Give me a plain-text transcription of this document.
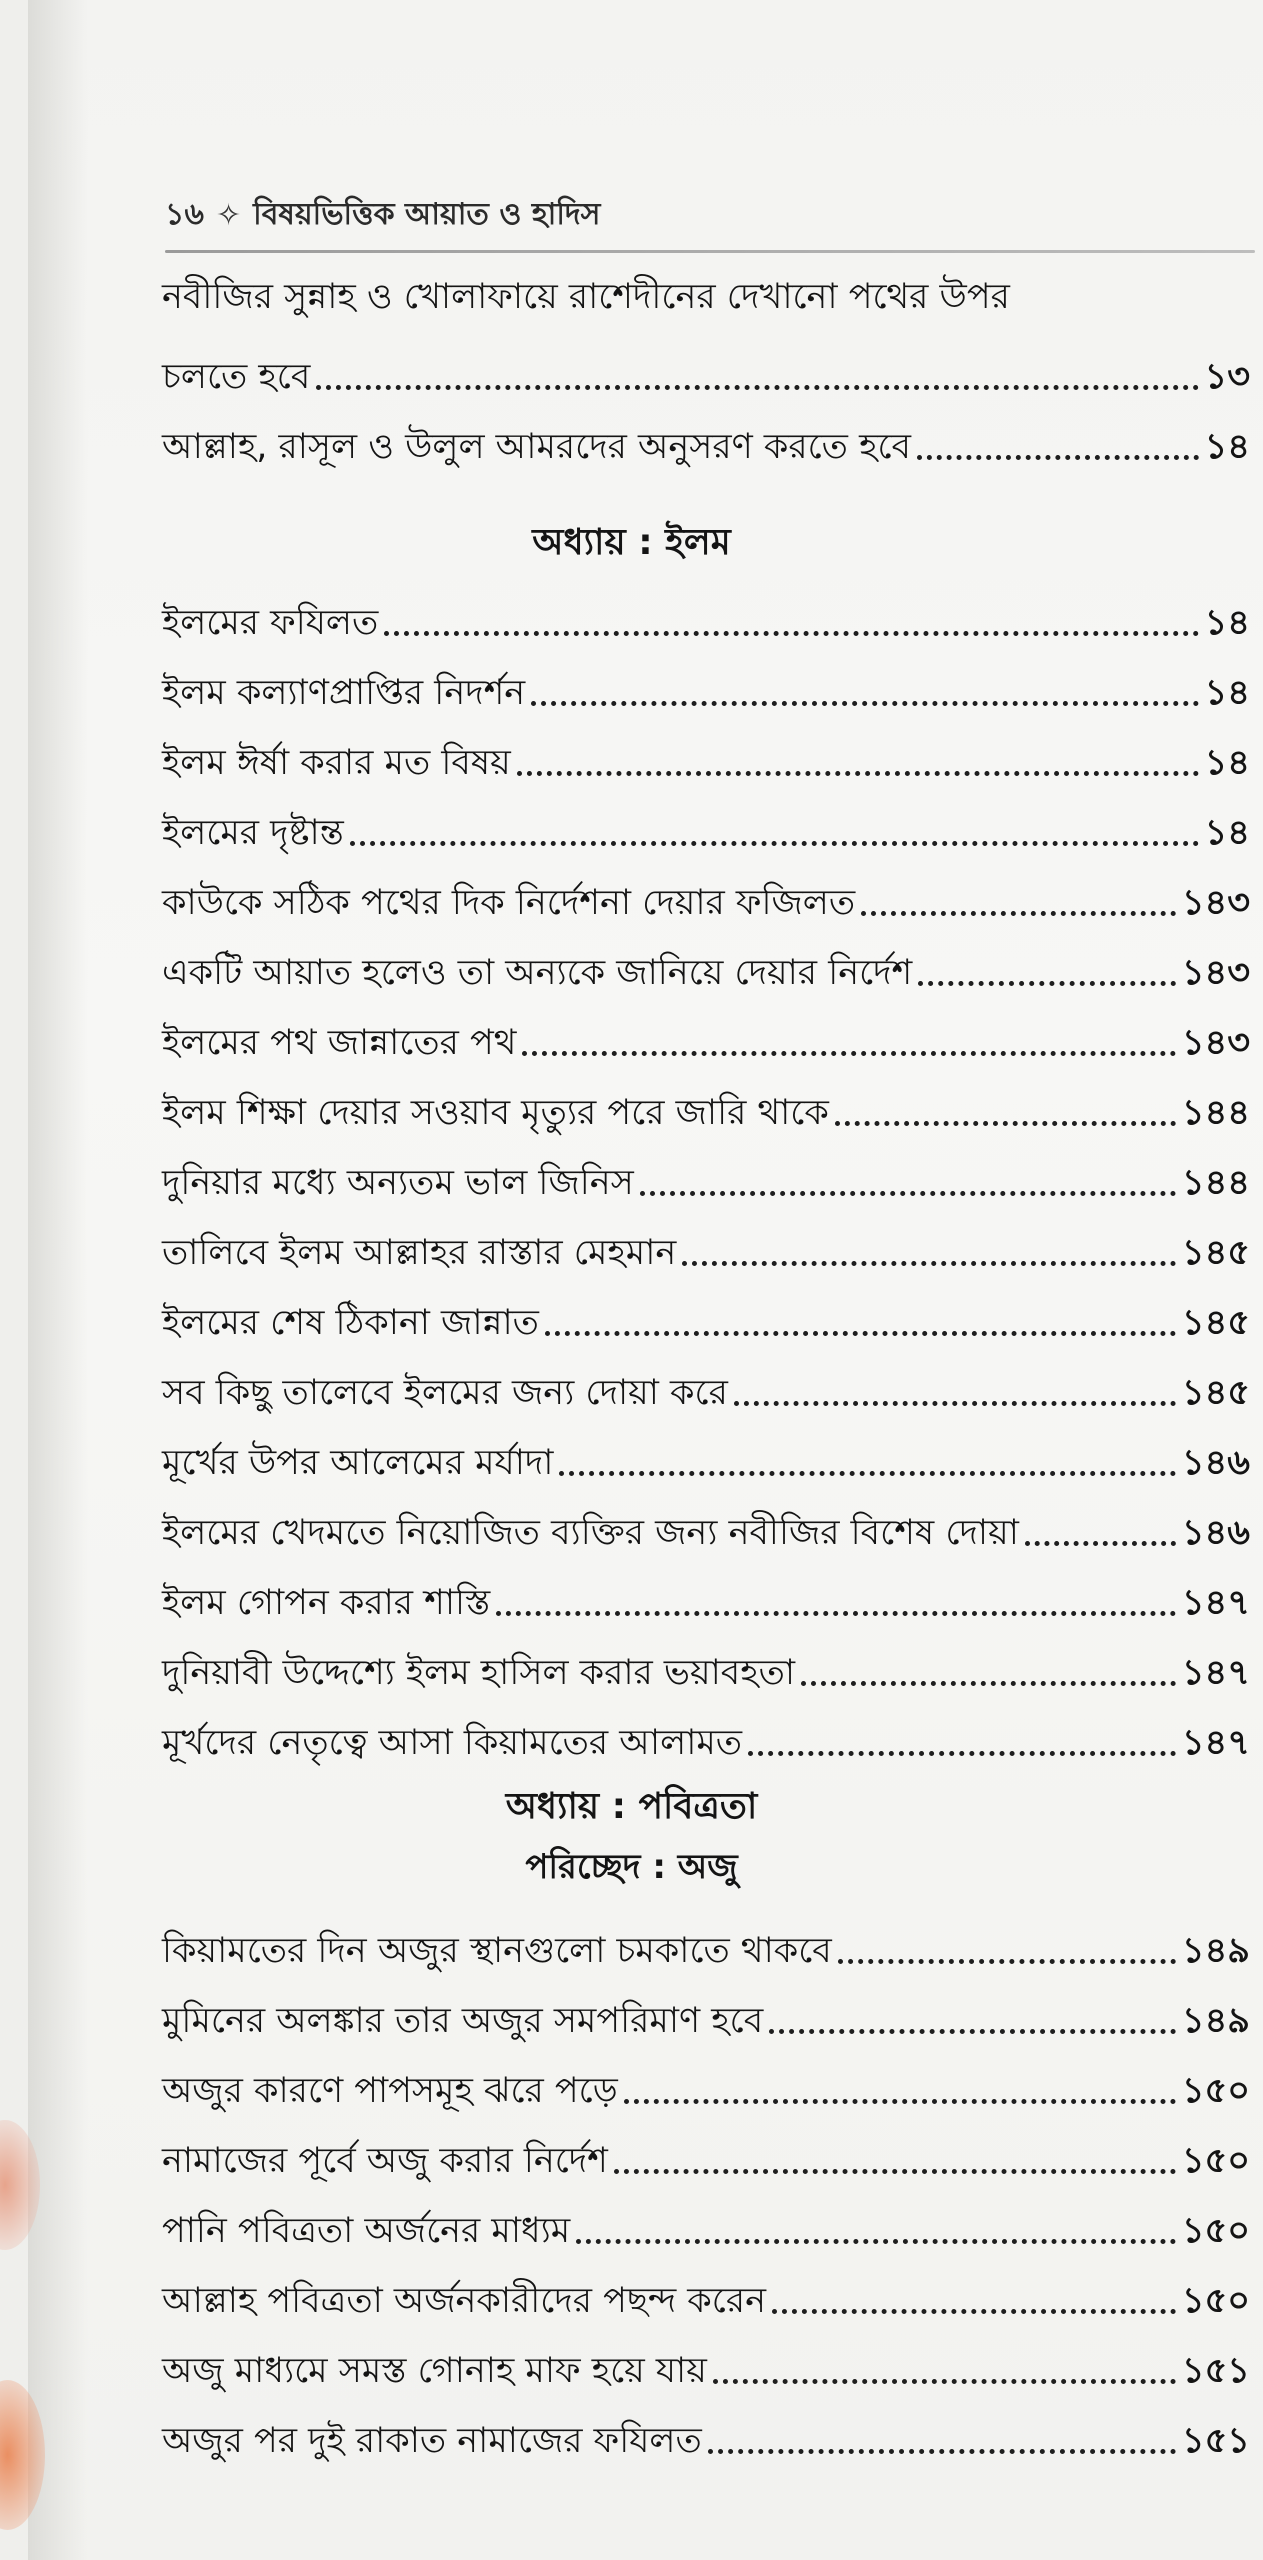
১৬ ✧ বিষয়ভিত্তিক আয়াত ও হাদিস
নবীজির সুন্নাহ ও খোলাফায়ে রাশেদীনের দেখানো পথের উপর
চলতে হবে	১৩
আল্লাহ, রাসূল ও উলুল আমরদের অনুসরণ করতে হবে	১৪
অধ্যায় : ইলম
ইলমের ফযিলত	১৪
ইলম কল্যাণপ্রাপ্তির নিদর্শন	১৪
ইলম ঈর্ষা করার মত বিষয়	১৪
ইলমের দৃষ্টান্ত	১৪
কাউকে সঠিক পথের দিক নির্দেশনা দেয়ার ফজিলত	১৪৩
একটি আয়াত হলেও তা অন্যকে জানিয়ে দেয়ার নির্দেশ	১৪৩
ইলমের পথ জান্নাতের পথ	১৪৩
ইলম শিক্ষা দেয়ার সওয়াব মৃত্যুর পরে জারি থাকে	১৪৪
দুনিয়ার মধ্যে অন্যতম ভাল জিনিস	১৪৪
তালিবে ইলম আল্লাহর রাস্তার মেহমান	১৪৫
ইলমের শেষ ঠিকানা জান্নাত	১৪৫
সব কিছু তালেবে ইলমের জন্য দোয়া করে	১৪৫
মূর্খের উপর আলেমের মর্যাদা	১৪৬
ইলমের খেদমতে নিয়োজিত ব্যক্তির জন্য নবীজির বিশেষ দোয়া	১৪৬
ইলম গোপন করার শাস্তি	১৪৭
দুনিয়াবী উদ্দেশ্যে ইলম হাসিল করার ভয়াবহতা	১৪৭
মূর্খদের নেতৃত্বে আসা কিয়ামতের আলামত	১৪৭
অধ্যায় : পবিত্রতা
পরিচ্ছেদ : অজু
কিয়ামতের দিন অজুর স্থানগুলো চমকাতে থাকবে	১৪৯
মুমিনের অলঙ্কার তার অজুর সমপরিমাণ হবে	১৪৯
অজুর কারণে পাপসমূহ ঝরে পড়ে	১৫০
নামাজের পূর্বে অজু করার নির্দেশ	১৫০
পানি পবিত্রতা অর্জনের মাধ্যম	১৫০
আল্লাহ পবিত্রতা অর্জনকারীদের পছন্দ করেন	১৫০
অজু মাধ্যমে সমস্ত গোনাহ মাফ হয়ে যায়	১৫১
অজুর পর দুই রাকাত নামাজের ফযিলত	১৫১
